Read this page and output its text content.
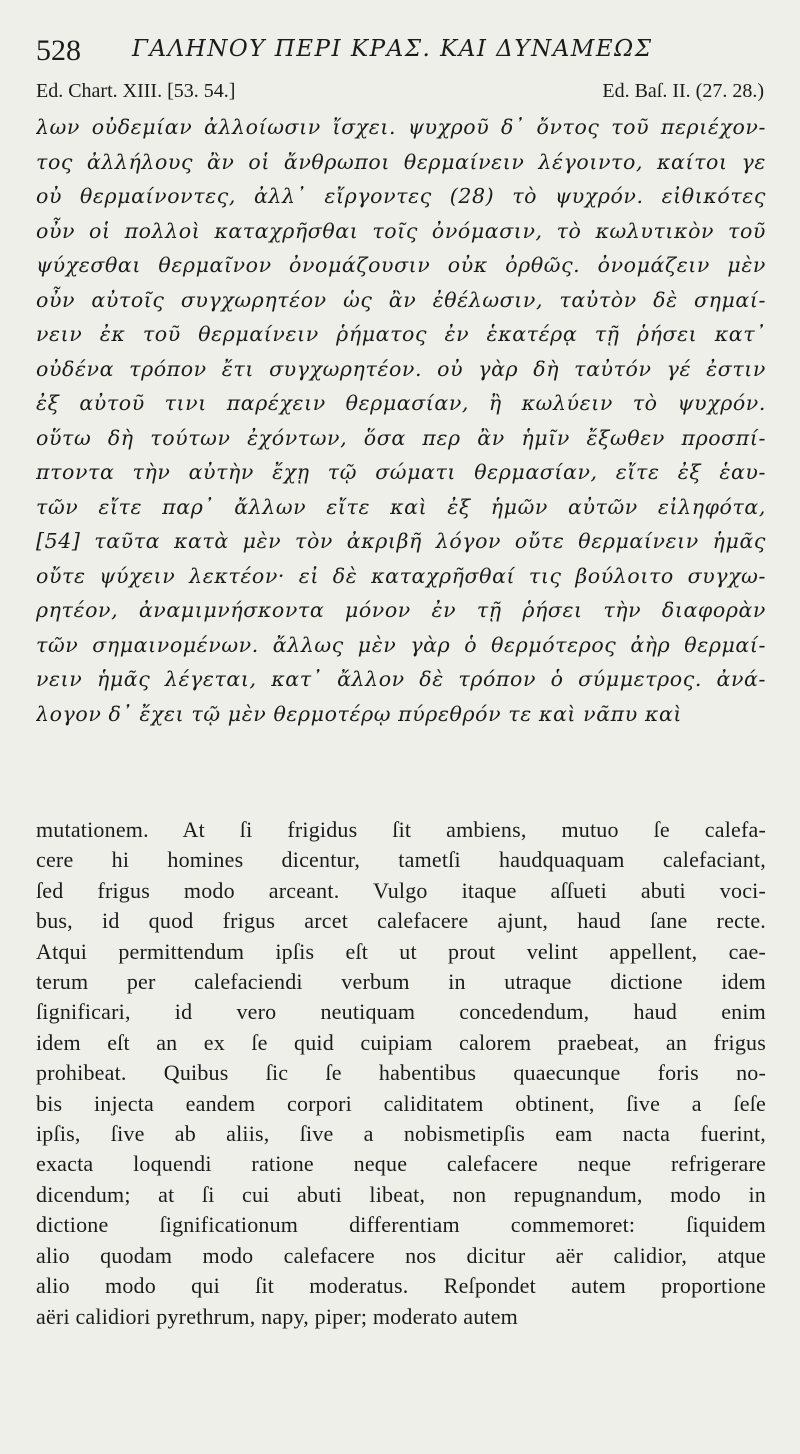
528 ΓΑΛΗΝΟΥ ΠΕΡΙ ΚΡΑΣ. ΚΑΙ ΔΥΝΑΜΕΩΣ
Ed. Chart. XIII. [53. 54.]	Ed. Baſ. II. (27. 28.)
λων οὐδεμίαν ἀλλοίωσιν ἴσχει. ψυχροῦ δ᾽ ὄντος τοῦ περιέχον-
τος ἀλλήλους ἂν οἱ ἄνθρωποι θερμαίνειν λέγοιντο, καίτοι γε
οὐ θερμαίνοντες, ἀλλ᾽ εἴργοντες (28) τὸ ψυχρόν. εἰθικότες
οὖν οἱ πολλοὶ καταχρῆσθαι τοῖς ὀνόμασιν, τὸ κωλυτικὸν τοῦ
ψύχεσθαι θερμαῖνον ὀνομάζουσιν οὐκ ὀρθῶς. ὀνομάζειν μὲν
οὖν αὐτοῖς συγχωρητέον ὡς ἂν ἐθέλωσιν, ταὐτὸν δὲ σημαί-
νειν ἐκ τοῦ θερμαίνειν ῥήματος ἐν ἑκατέρᾳ τῇ ῥήσει κατ᾽
οὐδένα τρόπον ἔτι συγχωρητέον. οὐ γὰρ δὴ ταὐτόν γέ ἐστιν
ἐξ αὐτοῦ τινι παρέχειν θερμασίαν, ἢ κωλύειν τὸ ψυχρόν.
οὕτω δὴ τούτων ἐχόντων, ὅσα περ ἂν ἡμῖν ἔξωθεν προσπί-
πτοντα τὴν αὐτὴν ἔχῃ τῷ σώματι θερμασίαν, εἴτε ἐξ ἑαυ-
τῶν εἴτε παρ᾽ ἄλλων εἴτε καὶ ἐξ ἡμῶν αὐτῶν εἰληφότα,
[54] ταῦτα κατὰ μὲν τὸν ἀκριβῆ λόγον οὔτε θερμαίνειν ἡμᾶς
οὔτε ψύχειν λεκτέον· εἰ δὲ καταχρῆσθαί τις βούλοιτο συγχω-
ρητέον, ἀναμιμνήσκοντα μόνον ἐν τῇ ῥήσει τὴν διαφορὰν
τῶν σημαινομένων. ἄλλως μὲν γὰρ ὁ θερμότερος ἀὴρ θερμαί-
νειν ἡμᾶς λέγεται, κατ᾽ ἄλλον δὲ τρόπον ὁ σύμμετρος. ἀνά-
λογον δ᾽ ἔχει τῷ μὲν θερμοτέρῳ πύρεθρόν τε καὶ νᾶπυ καὶ
mutationem. At ſi frigidus ſit ambiens, mutuo ſe calefa-
cere hi homines dicentur, tametſi haudquaquam calefaciant,
ſed frigus modo arceant. Vulgo itaque aſſueti abuti voci-
bus, id quod frigus arcet calefacere ajunt, haud ſane recte.
Atqui permittendum ipſis eſt ut prout velint appellent, cae-
terum per calefaciendi verbum in utraque dictione idem
ſignificari, id vero neutiquam concedendum, haud enim
idem eſt an ex ſe quid cuipiam calorem praebeat, an frigus
prohibeat. Quibus ſic ſe habentibus quaecunque foris no-
bis injecta eandem corpori caliditatem obtinent, ſive a ſeſe
ipſis, ſive ab aliis, ſive a nobismetipſis eam nacta fuerint,
exacta loquendi ratione neque calefacere neque refrigerare
dicendum; at ſi cui abuti libeat, non repugnandum, modo in
dictione ſignificationum differentiam commemoret: ſiquidem
alio quodam modo calefacere nos dicitur aër calidior, atque
alio modo qui ſit moderatus. Reſpondet autem proportione
aëri calidiori pyrethrum, napy, piper; moderato autem
